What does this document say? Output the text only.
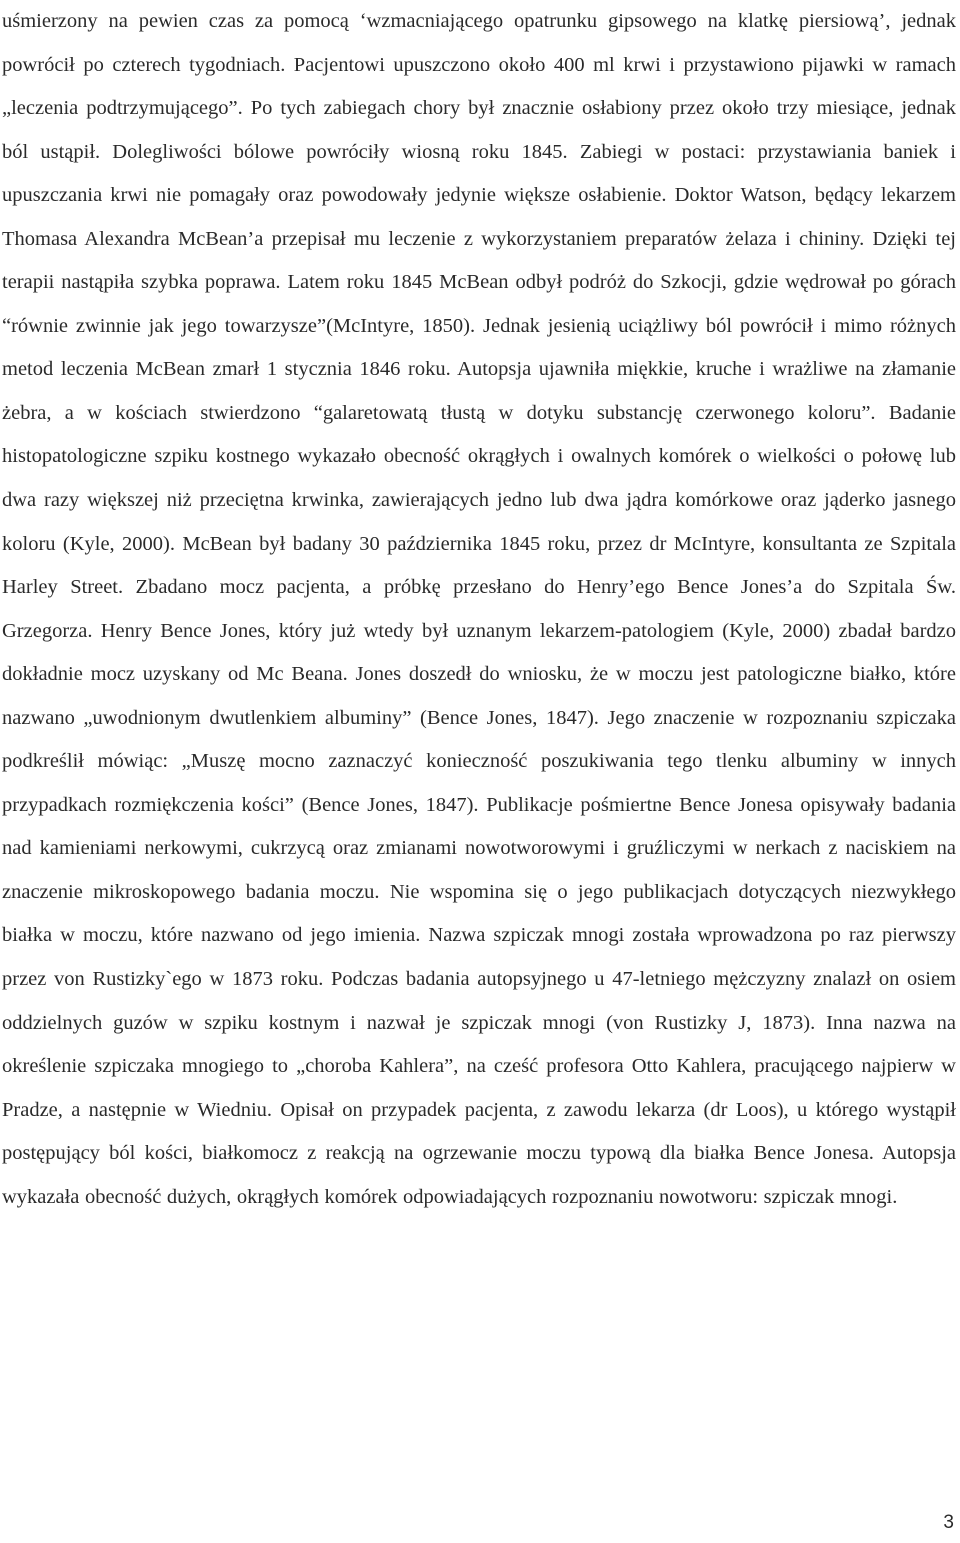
uśmierzony na pewien czas za pomocą ‘wzmacniającego opatrunku gipsowego na klatkę piersiową’, jednak powrócił po czterech tygodniach. Pacjentowi upuszczono około 400 ml krwi i przystawiono pijawki w ramach „leczenia podtrzymującego”. Po tych zabiegach chory był znacznie osłabiony przez około trzy miesiące, jednak ból ustąpił. Dolegliwości bólowe powróciły wiosną roku 1845. Zabiegi w postaci: przystawiania baniek i upuszczania krwi nie pomagały oraz powodowały jedynie większe osłabienie. Doktor Watson, będący lekarzem Thomasa Alexandra McBean’a przepisał mu leczenie z wykorzystaniem preparatów żelaza i chininy. Dzięki tej terapii nastąpiła szybka poprawa. Latem roku 1845 McBean odbył podróż do Szkocji, gdzie wędrował po górach “równie zwinnie jak jego towarzysze”(McIntyre, 1850). Jednak jesienią uciążliwy ból powrócił i mimo różnych metod leczenia McBean zmarł 1 stycznia 1846 roku. Autopsja ujawniła miękkie, kruche i wrażliwe na złamanie żebra, a w kościach stwierdzono “galaretowatą tłustą w dotyku substancję czerwonego koloru”. Badanie histopatologiczne szpiku kostnego wykazało obecność okrągłych i owalnych komórek o wielkości o połowę lub dwa razy większej niż przeciętna krwinka, zawierających jedno lub dwa jądra komórkowe oraz jąderko jasnego koloru (Kyle, 2000). McBean był badany 30 października 1845 roku, przez dr McIntyre, konsultanta ze Szpitala Harley Street. Zbadano mocz pacjenta, a próbkę przesłano do Henry’ego Bence Jones’a do Szpitala Św. Grzegorza. Henry Bence Jones, który już wtedy był uznanym lekarzem-patologiem (Kyle, 2000) zbadał bardzo dokładnie mocz uzyskany od Mc Beana. Jones doszedł do wniosku, że w moczu jest patologiczne białko, które nazwano „uwodnionym dwutlenkiem albuminy” (Bence Jones, 1847). Jego znaczenie w rozpoznaniu szpiczaka podkreślił mówiąc: „Muszę mocno zaznaczyć konieczność poszukiwania tego tlenku albuminy w innych przypadkach rozmiękczenia kości” (Bence Jones, 1847). Publikacje pośmiertne Bence Jonesa opisywały badania nad kamieniami nerkowymi, cukrzycą oraz zmianami nowotworowymi i gruźliczymi w nerkach z naciskiem na znaczenie mikroskopowego badania moczu. Nie wspomina się o jego publikacjach dotyczących niezwykłego białka w moczu, które nazwano od jego imienia. Nazwa szpiczak mnogi została wprowadzona po raz pierwszy przez von Rustizky`ego w 1873 roku. Podczas badania autopsyjnego u 47-letniego mężczyzny znalazł on osiem oddzielnych guzów w szpiku kostnym i nazwał je szpiczak mnogi (von Rustizky J, 1873). Inna nazwa na określenie szpiczaka mnogiego to „choroba Kahlera”, na cześć profesora Otto Kahlera, pracującego najpierw w Pradze, a następnie w Wiedniu. Opisał on przypadek pacjenta, z zawodu lekarza (dr Loos), u którego wystąpił postępujący ból kości, białkomocz z reakcją na ogrzewanie moczu typową dla białka Bence Jonesa. Autopsja wykazała obecność dużych, okrągłych komórek odpowiadających rozpoznaniu nowotworu: szpiczak mnogi.

3
